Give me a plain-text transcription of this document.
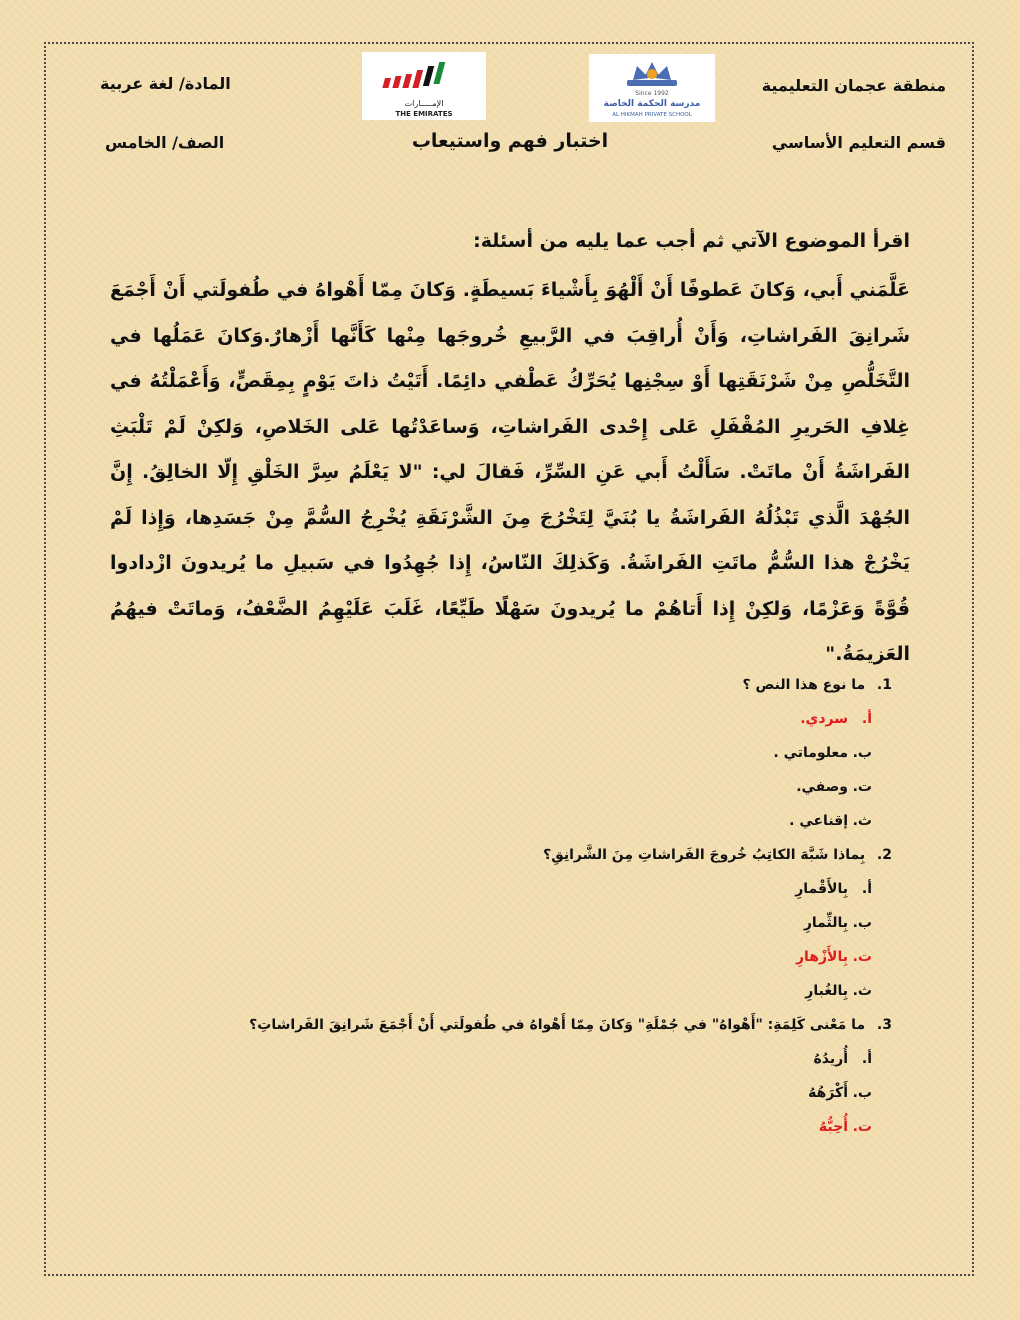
منطقة عجمان التعليمية
قسم التعليم الأساسي
المادة/ لغة عربية
الصف/ الخامس
Since 1992
مدرسة الحكمة الخاصة
AL HIKMAH PRIVATE SCHOOL
الإمـــــارات
THE EMIRATES
اختبار فهم واستيعاب
اقرأ الموضوع الآتي ثم أجب عما يليه من أسئلة:
عَلَّمَني أَبي، وَكانَ عَطوفًا أَنْ أَلْهُوَ بِأَشْياءَ بَسيطَةٍ. وَكانَ مِمّا أَهْواهُ في طُفولَتي أَنْ أَجْمَعَ شَرانِقَ الفَراشاتِ، وَأَنْ أُراقِبَ في الرَّبيعِ خُروجَها مِنْها كَأَنَّها أَزْهارٌ.وَكانَ عَمَلُها في التَّخَلُّصِ مِنْ شَرْنَقَتِها أَوْ سِجْنِها يُحَرِّكُ عَطْفي دائِمًا. أَتَيْتُ ذاتَ يَوْمٍ بِمِقَصٍّ، وَأَعْمَلْتُهُ في غِلافِ الحَريرِ المُقْفَلِ عَلى إِحْدى الفَراشاتِ، وَساعَدْتُها عَلى الخَلاصِ، وَلكِنْ لَمْ تَلْبَثِ الفَراشَةُ أَنْ ماتَتْ. سَأَلْتُ أَبي عَنِ السِّرِّ، فَقالَ لي: "لا يَعْلَمُ سِرَّ الخَلْقِ إِلّا الخالِقُ. إِنَّ الجُهْدَ الَّذي تَبْذُلُهُ الفَراشَةُ يا بُنَيَّ لِتَخْرُجَ مِنَ الشَّرْنَقَةِ يُخْرِجُ السُّمَّ مِنْ جَسَدِها، وَإِذا لَمْ يَخْرُجْ هذا السُّمُّ ماتَتِ الفَراشَةُ. وَكَذلِكَ النّاسُ، إِذا جُهِدُوا في سَبيلِ ما يُريدونَ ازْدادوا قُوَّةً وَعَزْمًا، وَلكِنْ إِذا أَتاهُمْ ما يُريدونَ سَهْلًا طَيِّعًا، غَلَبَ عَلَيْهِمُ الضَّعْفُ، وَماتَتْ فيهُمُ العَزيمَةُ."
1. ما نوع هذا النص ؟
أ.سردي.
ب.معلوماتي .
ت.وصفي.
ث.إقناعي .
2. بِماذا شَبَّهَ الكاتِبُ خُروجَ الفَراشاتِ مِنَ الشَّرانِقِ؟
أ.بِالأَقْمارِ
ب.بِالثِّمارِ
ت.بِالأَزْهارِ
ث.بِالغُبارِ
3. ما مَعْنى كَلِمَةِ: "أَهْواهُ" في جُمْلَةِ" وَكانَ مِمّا أَهْواهُ في طُفولَتي أَنْ أَجْمَعَ شَرانِقَ الفَراشاتِ؟
أ.أُريدُهُ
ب.أَكْرَهُهُ
ت.أُحِبُّهُ
